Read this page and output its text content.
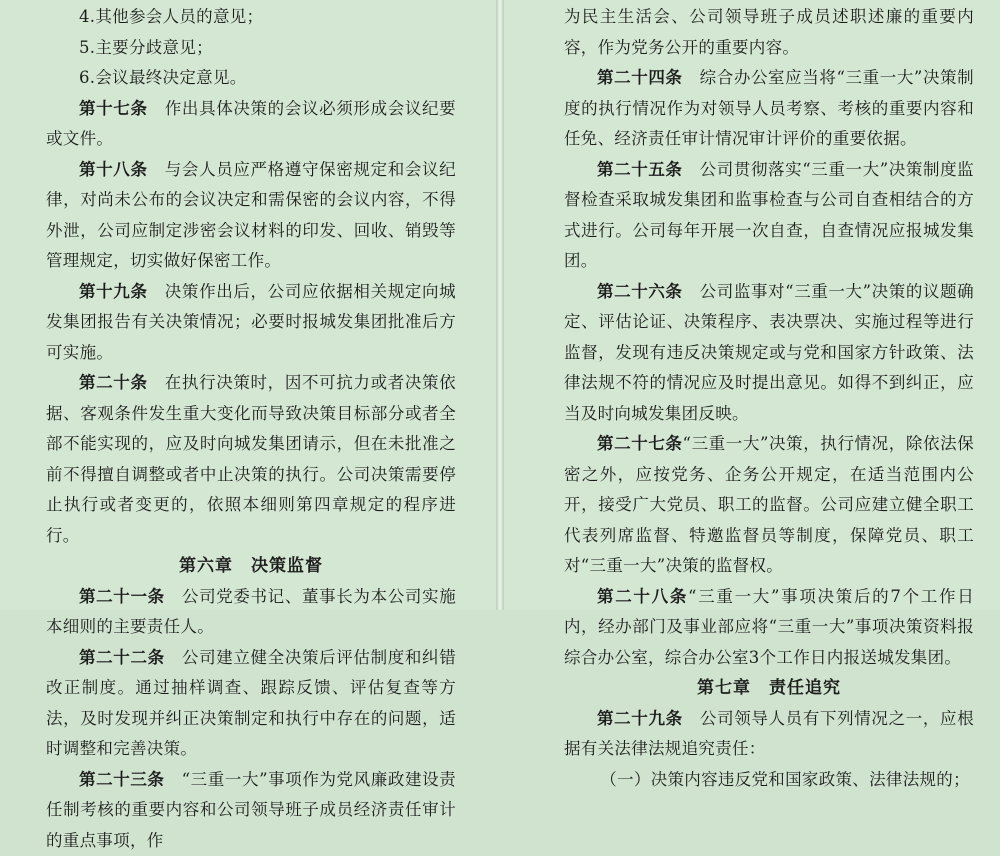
4.其他参会人员的意见；

5.主要分歧意见；

6.会议最终决定意见。

第十七条　 作出具体决策的会议必须形成会议纪要或文件。

第十八条　 与会人员应严格遵守保密规定和会议纪律，对尚未公布的会议决定和需保密的会议内容，不得外泄，公司应制定涉密会议材料的印发、回收、销毁等管理规定，切实做好保密工作。

第十九条　 决策作出后，公司应依据相关规定向城发集团报告有关决策情况；必要时报城发集团批准后方可实施。

第二十条　 在执行决策时，因不可抗力或者决策依据、客观条件发生重大变化而导致决策目标部分或者全部不能实现的，应及时向城发集团请示，但在未批准之前不得擅自调整或者中止决策的执行。公司决策需要停止执行或者变更的，依照本细则第四章规定的程序进行。

第六章　决策监督

第二十一条　 公司党委书记、董事长为本公司实施本细则的主要责任人。

第二十二条　 公司建立健全决策后评估制度和纠错改正制度。通过抽样调查、跟踪反馈、评估复查等方法，及时发现并纠正决策制定和执行中存在的问题，适时调整和完善决策。

第二十三条　 “三重一大”事项作为党风廉政建设责任制考核的重要内容和公司领导班子成员经济责任审计的重点事项，作

为民主生活会、公司领导班子成员述职述廉的重要内容，作为党务公开的重要内容。

第二十四条　 综合办公室应当将“三重一大”决策制度的执行情况作为对领导人员考察、考核的重要内容和任免、经济责任审计情况审计评价的重要依据。

第二十五条　 公司贯彻落实“三重一大”决策制度监督检查采取城发集团和监事检查与公司自查相结合的方式进行。公司每年开展一次自查，自查情况应报城发集团。

第二十六条　 公司监事对“三重一大”决策的议题确定、评估论证、决策程序、表决票决、实施过程等进行监督，发现有违反决策规定或与党和国家方针政策、法律法规不符的情况应及时提出意见。如得不到纠正，应当及时向城发集团反映。

第二十七条“三重一大”决策，执行情况，除依法保密之外，应按党务、企务公开规定，在适当范围内公开，接受广大党员、职工的监督。公司应建立健全职工代表列席监督、特邀监督员等制度，保障党员、职工对“三重一大”决策的监督权。

第二十八条“三重一大”事项决策后的7个工作日内，经办部门及事业部应将“三重一大”事项决策资料报综合办公室，综合办公室3个工作日内报送城发集团。

第七章　责任追究

第二十九条　 公司领导人员有下列情况之一，应根据有关法律法规追究责任：

（一）决策内容违反党和国家政策、法律法规的；
